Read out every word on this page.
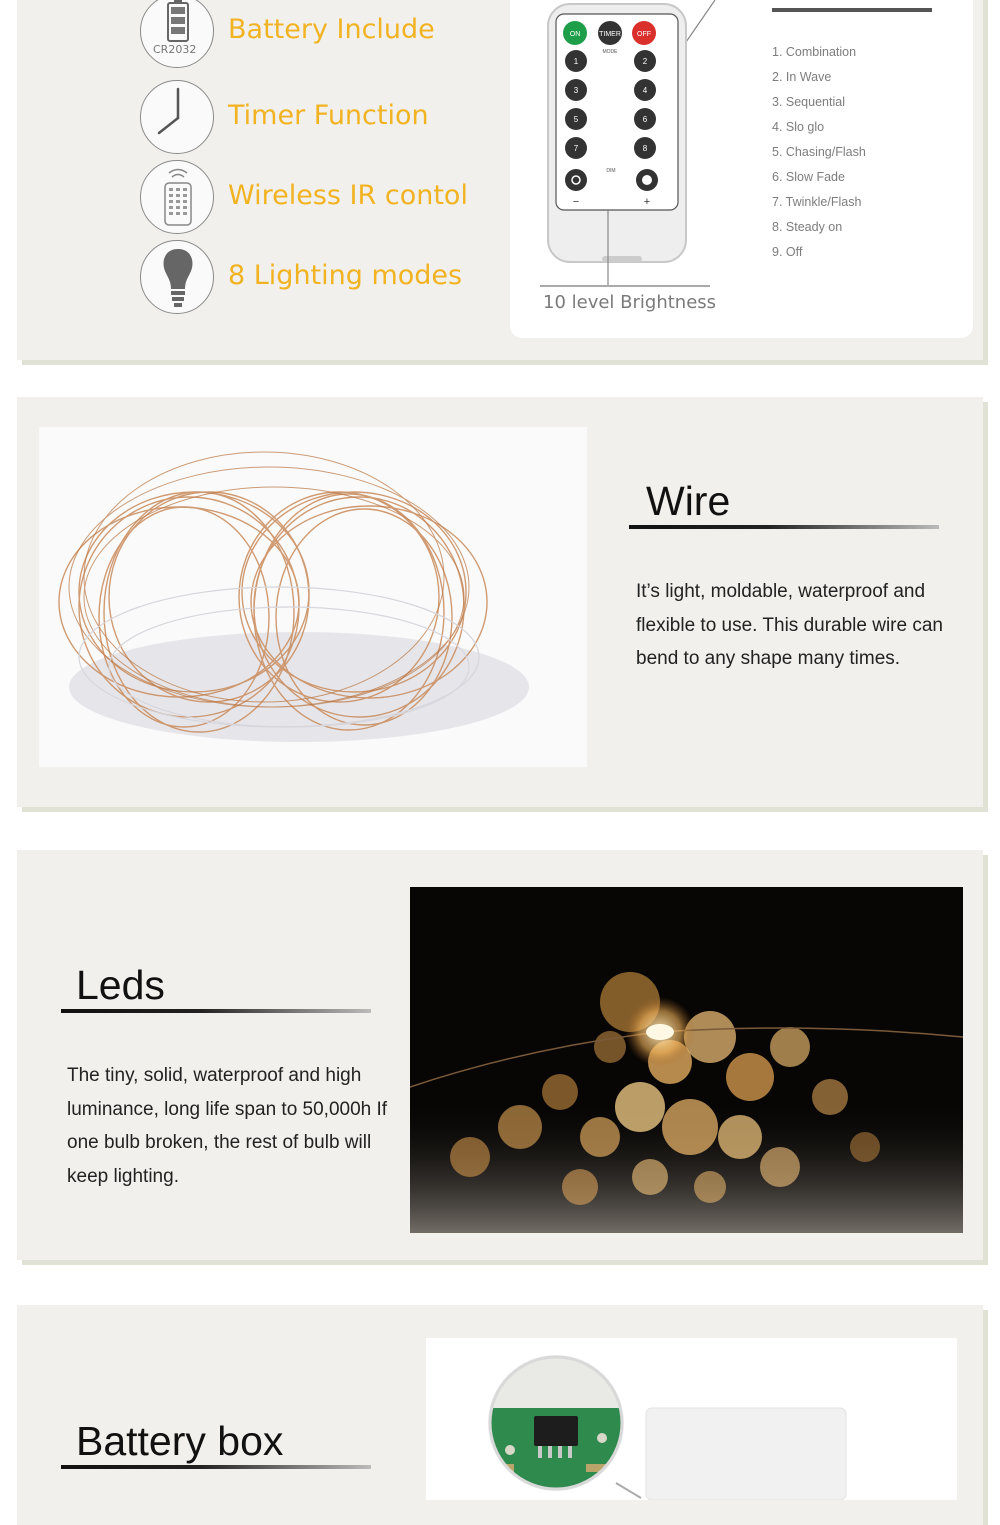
CR2032
Battery Include
Timer Function
Wireless IR contol
8 Lighting modes
ON	TIMER OFF
MODE
1	2
3	4
5	6
7	8
DIM
−	+
10 level Brightness
1. Combination
2. In Wave
3. Sequential
4. Slo glo
5. Chasing/Flash
6. Slow Fade
7. Twinkle/Flash
8. Steady on
9. Off
Wire
It’s light, moldable, waterproof and flexible to use. This durable wire can bend to any shape many times.
Leds
The tiny, solid, waterproof and high luminance, long life span to 50,000h If one bulb broken, the rest of bulb will keep lighting.
Battery box
